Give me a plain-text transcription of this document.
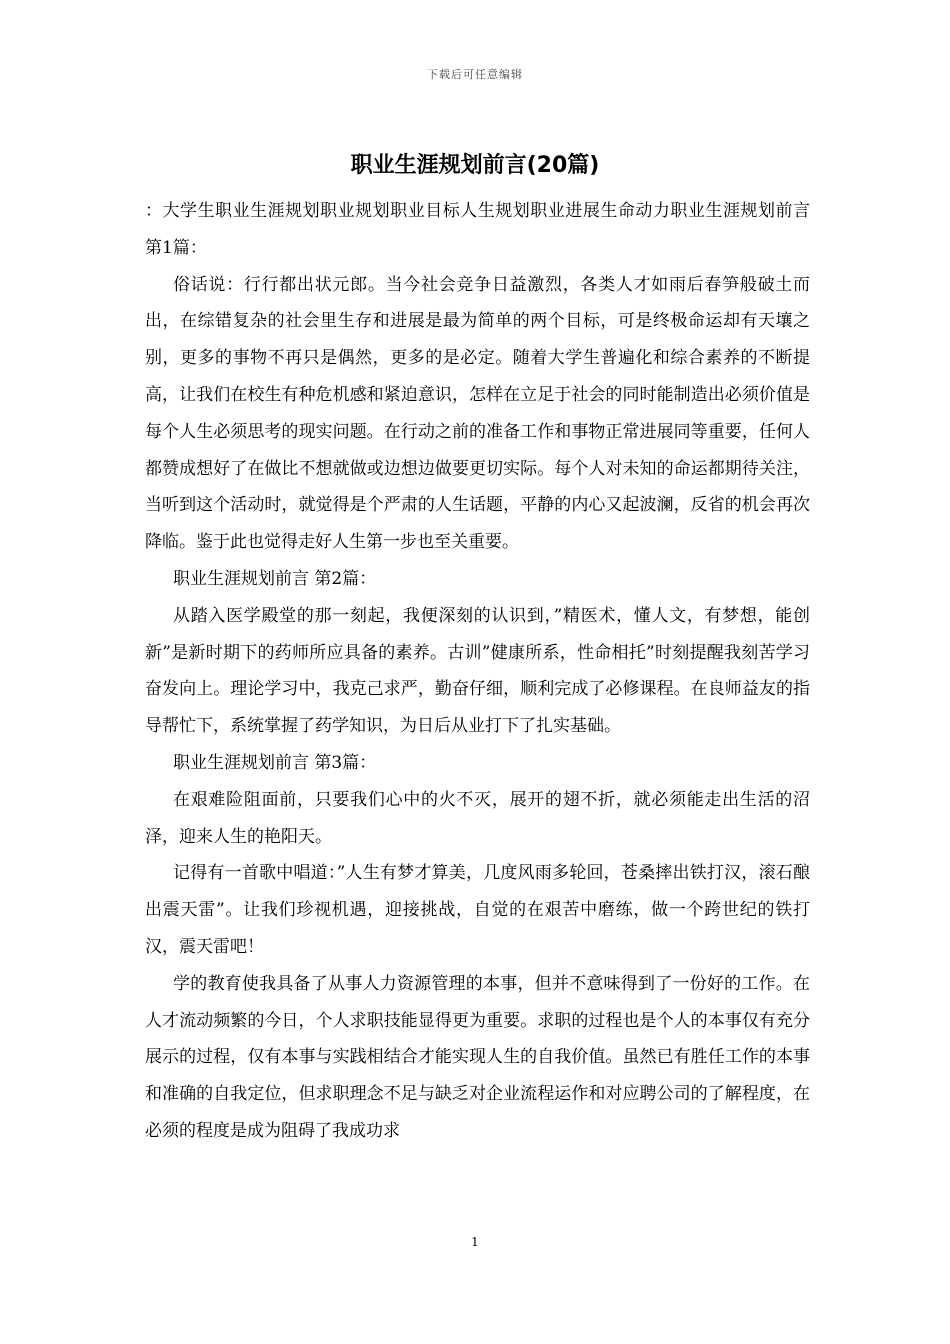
下载后可任意编辑
职业生涯规划前言(20篇)

：大学生职业生涯规划职业规划职业目标人生规划职业进展生命动力职业生涯规划前言 第1篇：

俗话说：行行都出状元郎。当今社会竞争日益激烈，各类人才如雨后春笋般破土而出，在综错复杂的社会里生存和进展是最为简单的两个目标，可是终极命运却有天壤之别，更多的事物不再只是偶然，更多的是必定。随着大学生普遍化和综合素养的不断提高，让我们在校生有种危机感和紧迫意识，怎样在立足于社会的同时能制造出必须价值是每个人生必须思考的现实问题。在行动之前的准备工作和事物正常进展同等重要，任何人都赞成想好了在做比不想就做或边想边做要更切实际。每个人对未知的命运都期待关注，当听到这个活动时，就觉得是个严肃的人生话题，平静的内心又起波澜，反省的机会再次降临。鉴于此也觉得走好人生第一步也至关重要。

职业生涯规划前言 第2篇：

从踏入医学殿堂的那一刻起，我便深刻的认识到，”精医术，懂人文，有梦想，能创新”是新时期下的药师所应具备的素养。古训”健康所系，性命相托”时刻提醒我刻苦学习奋发向上。理论学习中，我克己求严，勤奋仔细，顺利完成了必修课程。在良师益友的指导帮忙下，系统掌握了药学知识，为日后从业打下了扎实基础。

职业生涯规划前言 第3篇：

在艰难险阻面前，只要我们心中的火不灭，展开的翅不折，就必须能走出生活的沼泽，迎来人生的艳阳天。

记得有一首歌中唱道：”人生有梦才算美，几度风雨多轮回，苍桑摔出铁打汉，滚石酿出震天雷”。让我们珍视机遇，迎接挑战，自觉的在艰苦中磨练，做一个跨世纪的铁打汉，震天雷吧！

学的教育使我具备了从事人力资源管理的本事，但并不意味得到了一份好的工作。在人才流动频繁的今日，个人求职技能显得更为重要。求职的过程也是个人的本事仅有充分展示的过程，仅有本事与实践相结合才能实现人生的自我价值。虽然已有胜任工作的本事和准确的自我定位，但求职理念不足与缺乏对企业流程运作和对应聘公司的了解程度，在必须的程度是成为阻碍了我成功求

1
